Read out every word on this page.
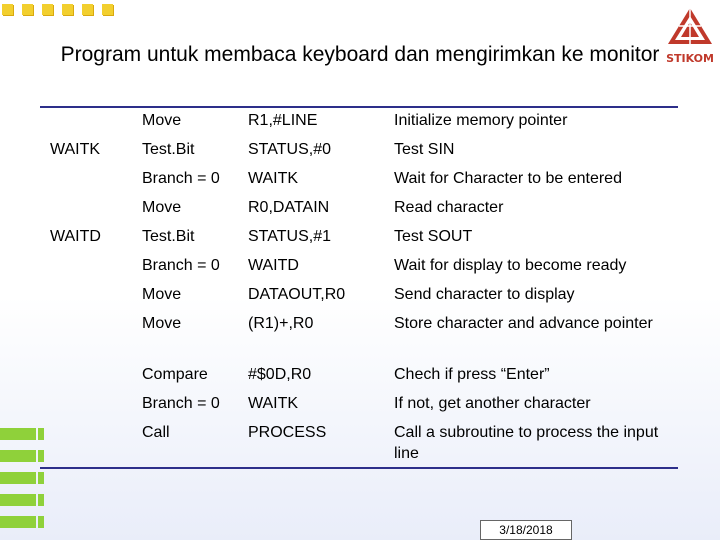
STIKOM
Program untuk membaca keyboard dan mengirimkan ke monitor
	Move	R1,#LINE	Initialize memory pointer
WAITK	Test.Bit	STATUS,#0	Test SIN
	Branch = 0	WAITK	Wait for Character to be entered
	Move	R0,DATAIN	Read character
WAITD	Test.Bit	STATUS,#1	Test SOUT
	Branch = 0	WAITD	Wait for display to become ready
	Move	DATAOUT,R0	Send character to display
	Move	(R1)+,R0	Store character and advance pointer
	Compare	#$0D,R0	Chech if press “Enter”
	Branch = 0	WAITK	If not, get another character
	Call	PROCESS	Call a subroutine to process the input line
3/18/2018
